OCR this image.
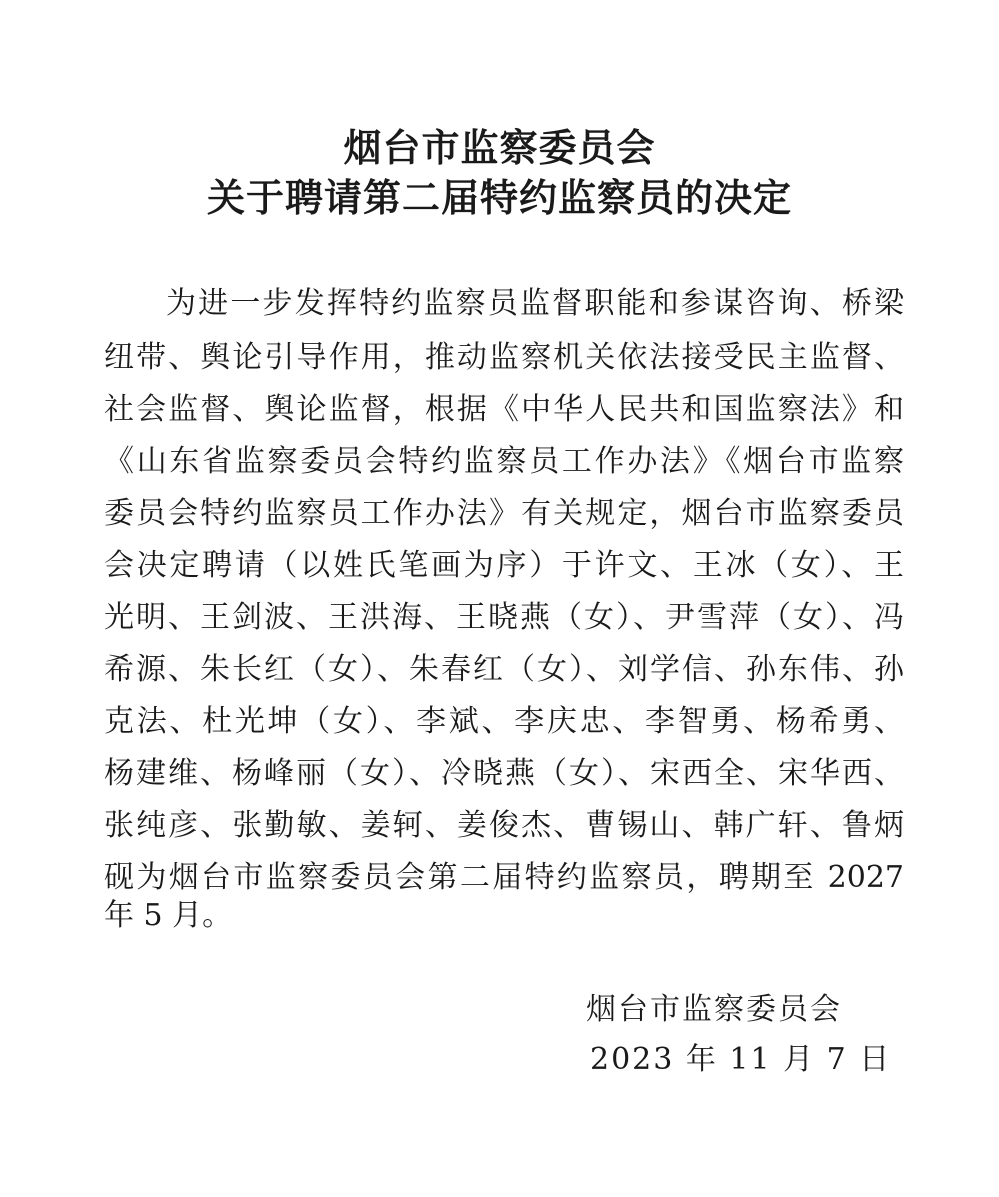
烟台市监察委员会
关于聘请第二届特约监察员的决定
为进一步发挥特约监察员监督职能和参谋咨询、桥梁
纽带、舆论引导作用，推动监察机关依法接受民主监督、
社会监督、舆论监督，根据《中华人民共和国监察法》和
《山东省监察委员会特约监察员工作办法》《烟台市监察
委员会特约监察员工作办法》有关规定，烟台市监察委员
会决定聘请（以姓氏笔画为序）于许文、王冰（女）、王
光明、王剑波、王洪海、王晓燕（女）、尹雪萍（女）、冯
希源、朱长红（女）、朱春红（女）、刘学信、孙东伟、孙
克法、杜光坤（女）、李斌、李庆忠、李智勇、杨希勇、
杨建维、杨峰丽（女）、冷晓燕（女）、宋西全、宋华西、
张纯彦、张勤敏、姜轲、姜俊杰、曹锡山、韩广轩、鲁炳
砚为烟台市监察委员会第二届特约监察员，聘期至 2027
年 5 月。
烟台市监察委员会
2023 年 11 月 7 日
